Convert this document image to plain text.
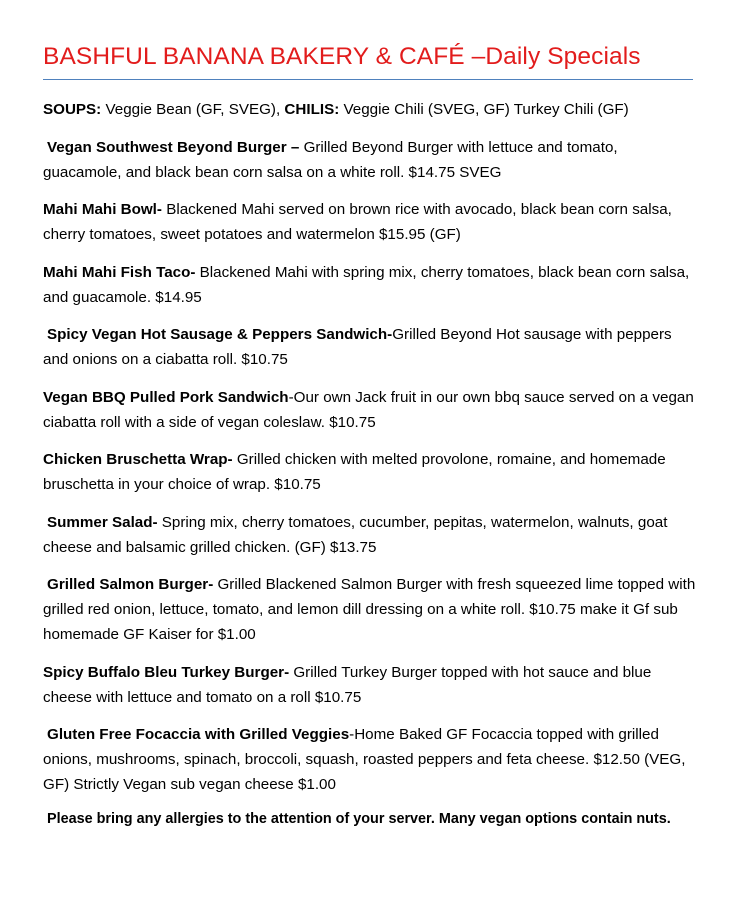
BASHFUL BANANA BAKERY & CAFÉ –Daily Specials

SOUPS: Veggie Bean (GF, SVEG), CHILIS: Veggie Chili (SVEG, GF) Turkey Chili (GF)

Vegan Southwest Beyond Burger – Grilled Beyond Burger with lettuce and tomato, guacamole, and black bean corn salsa on a white roll. $14.75 SVEG

Mahi Mahi Bowl- Blackened Mahi served on brown rice with avocado, black bean corn salsa, cherry tomatoes, sweet potatoes and watermelon $15.95 (GF)

Mahi Mahi Fish Taco- Blackened Mahi with spring mix, cherry tomatoes, black bean corn salsa, and guacamole. $14.95

Spicy Vegan Hot Sausage & Peppers Sandwich-Grilled Beyond Hot sausage with peppers and onions on a ciabatta roll. $10.75

Vegan BBQ Pulled Pork Sandwich-Our own Jack fruit in our own bbq sauce served on a vegan ciabatta roll with a side of vegan coleslaw. $10.75

Chicken Bruschetta Wrap- Grilled chicken with melted provolone, romaine, and homemade bruschetta in your choice of wrap. $10.75

Summer Salad- Spring mix, cherry tomatoes, cucumber, pepitas, watermelon, walnuts, goat cheese and balsamic grilled chicken. (GF) $13.75

Grilled Salmon Burger- Grilled Blackened Salmon Burger with fresh squeezed lime topped with grilled red onion, lettuce, tomato, and lemon dill dressing on a white roll. $10.75 make it Gf sub homemade GF Kaiser for $1.00

Spicy Buffalo Bleu Turkey Burger- Grilled Turkey Burger topped with hot sauce and blue cheese with lettuce and tomato on a roll $10.75

Gluten Free Focaccia with Grilled Veggies-Home Baked GF Focaccia topped with grilled onions, mushrooms, spinach, broccoli, squash, roasted peppers and feta cheese. $12.50 (VEG, GF) Strictly Vegan sub vegan cheese $1.00

Please bring any allergies to the attention of your server. Many vegan options contain nuts.
